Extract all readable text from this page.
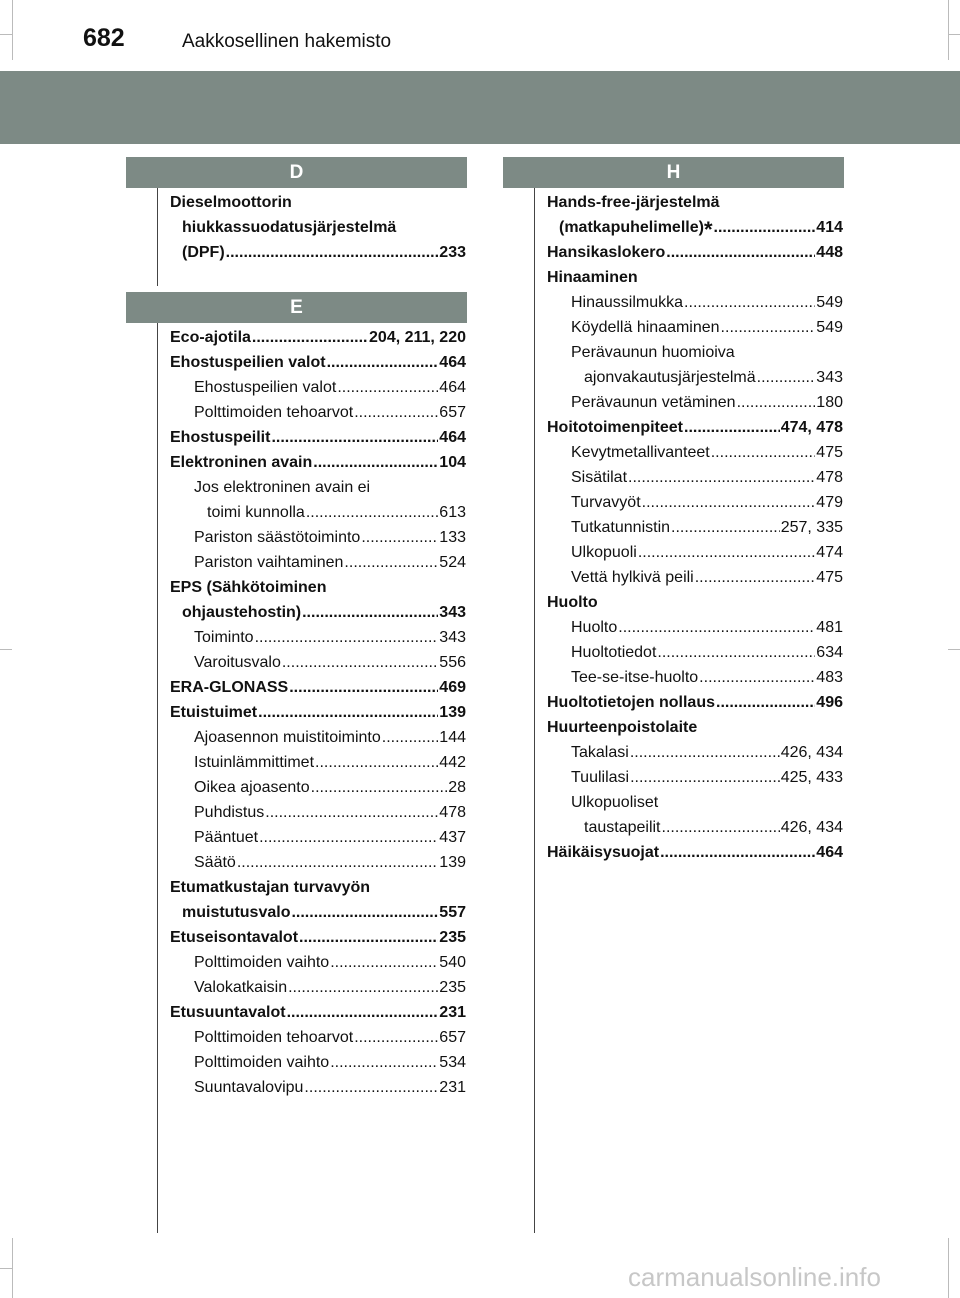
682	Aakkosellinen hakemisto
D
Dieselmoottorin
hiukkassuodatusjärjestelmä
(DPF) .....	233
E
Eco-ajotila .....	204, 211, 220
Ehostuspeilien valot .....	464
Ehostuspeilien valot .....	464
Polttimoiden tehoarvot .....	657
Ehostuspeilit .....	464
Elektroninen avain .....	104
Jos elektroninen avain ei
toimi kunnolla .....	613
Pariston säästötoiminto .....	133
Pariston vaihtaminen .....	524
EPS (Sähkötoiminen
ohjaustehostin) .....	343
Toiminto .....	343
Varoitusvalo .....	556
ERA-GLONASS .....	469
Etuistuimet .....	139
Ajoasennon muistitoiminto .....	144
Istuinlämmittimet .....	442
Oikea ajoasento .....	28
Puhdistus .....	478
Pääntuet .....	437
Säätö .....	139
Etumatkustajan turvavyön
muistutusvalo .....	557
Etuseisontavalot .....	235
Polttimoiden vaihto .....	540
Valokatkaisin .....	235
Etusuuntavalot .....	231
Polttimoiden tehoarvot .....	657
Polttimoiden vaihto .....	534
Suuntavalovipu .....	231
H
Hands-free-järjestelmä
(matkapuhelimelle)* .....	414
Hansikaslokero .....	448
Hinaaminen
Hinaussilmukka .....	549
Köydellä hinaaminen .....	549
Perävaunun huomioiva
ajonvakautusjärjestelmä .....	343
Perävaunun vetäminen .....	180
Hoitotoimenpiteet .....	474, 478
Kevytmetallivanteet .....	475
Sisätilat .....	478
Turvavyöt .....	479
Tutkatunnistin .....	257, 335
Ulkopuoli .....	474
Vettä hylkivä peili .....	475
Huolto
Huolto .....	481
Huoltotiedot .....	634
Tee-se-itse-huolto .....	483
Huoltotietojen nollaus .....	496
Huurteenpoistolaite
Takalasi .....	426, 434
Tuulilasi .....	425, 433
Ulkopuoliset
taustapeilit .....	426, 434
Häikäisysuojat .....	464
carmanualsonline.info
